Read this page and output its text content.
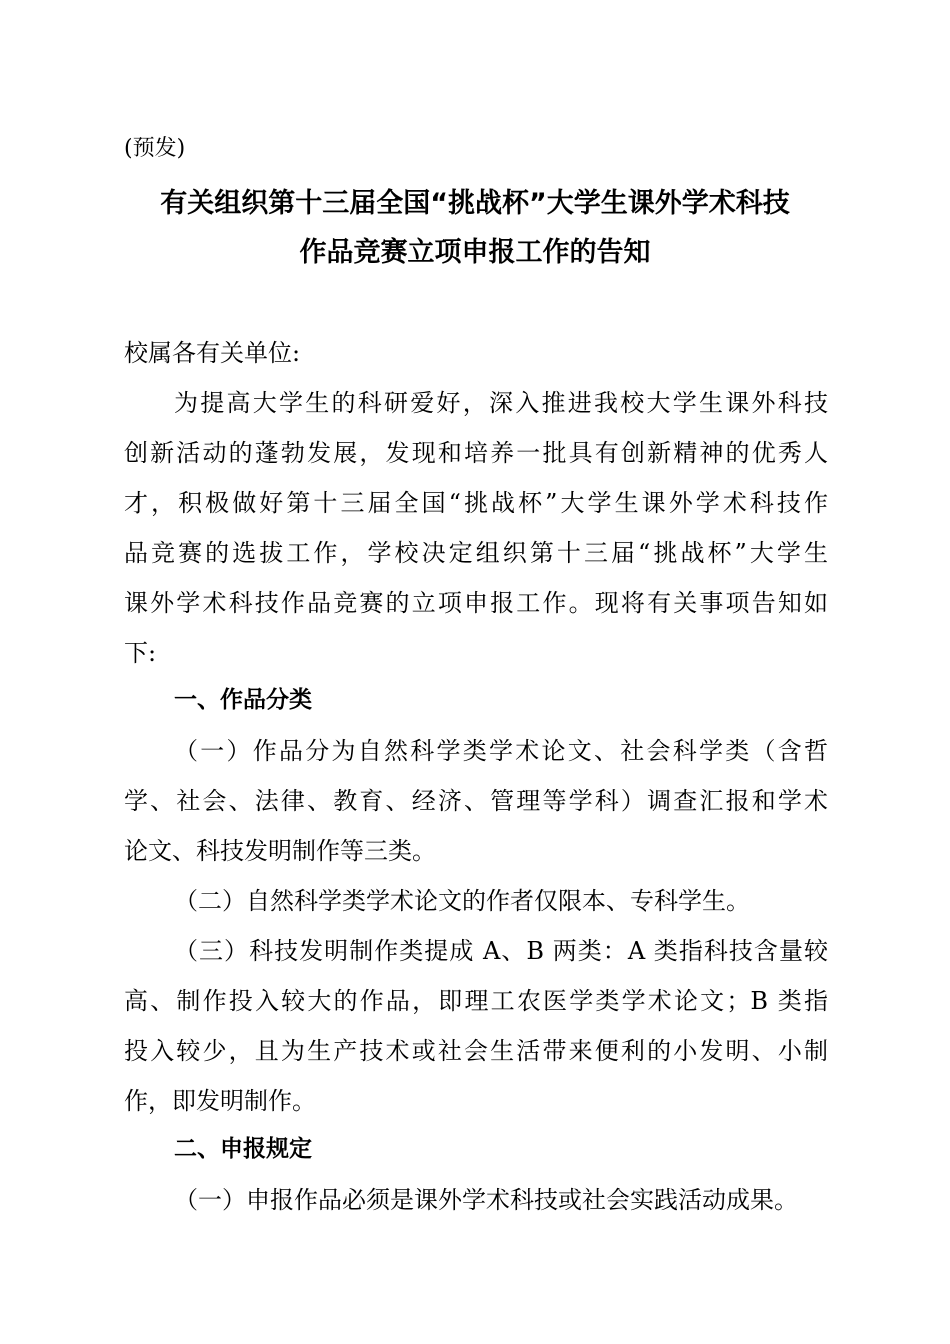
(预发)
有关组织第十三届全国“挑战杯”大学生课外学术科技
作品竞赛立项申报工作的告知
校属各有关单位:
为提高大学生的科研爱好，深入推进我校大学生课外科技
创新活动的蓬勃发展，发现和培养一批具有创新精神的优秀人
才，积极做好第十三届全国“挑战杯”大学生课外学术科技作
品竞赛的选拔工作，学校决定组织第十三届“挑战杯”大学生
课外学术科技作品竞赛的立项申报工作。现将有关事项告知如
下:
一、作品分类
（一）作品分为自然科学类学术论文、社会科学类（含哲
学、社会、法律、教育、经济、管理等学科）调查汇报和学术
论文、科技发明制作等三类。
（二）自然科学类学术论文的作者仅限本、专科学生。
（三）科技发明制作类提成 A、B 两类：A 类指科技含量较
高、制作投入较大的作品，即理工农医学类学术论文；B 类指
投入较少，且为生产技术或社会生活带来便利的小发明、小制
作，即发明制作。
二、申报规定
（一）申报作品必须是课外学术科技或社会实践活动成果。
